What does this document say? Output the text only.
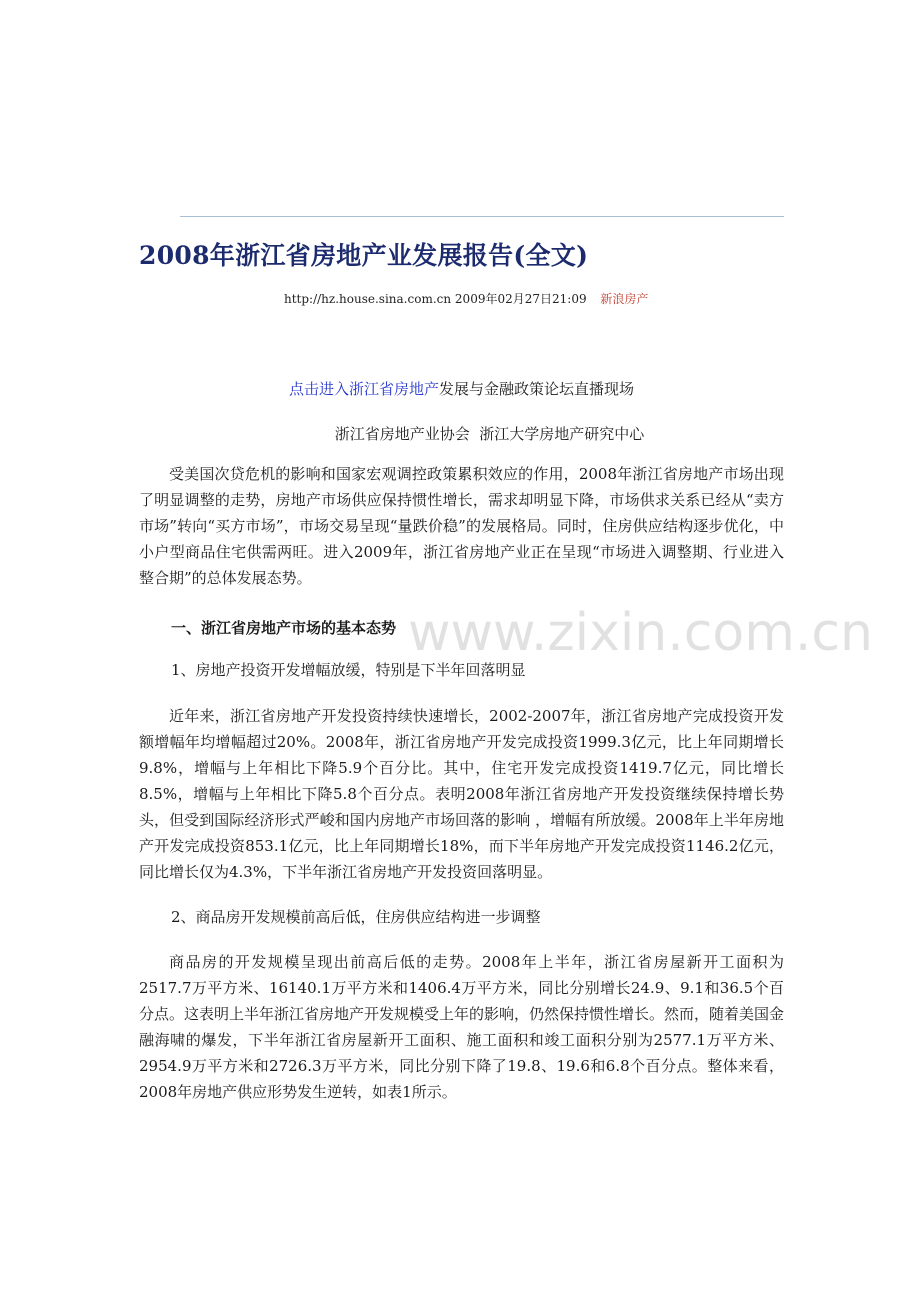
2008年浙江省房地产业发展报告(全文)
http://hz.house.sina.com.cn 2009年02月27日21:09 新浪房产
点击进入浙江省房地产发展与金融政策论坛直播现场
浙江省房地产业协会  浙江大学房地产研究中心

受美国次贷危机的影响和国家宏观调控政策累积效应的作用，2008年浙江省房地产市场出现了明显调整的走势，房地产市场供应保持惯性增长，需求却明显下降，市场供求关系已经从“卖方市场”转向“买方市场”，市场交易呈现“量跌价稳”的发展格局。同时，住房供应结构逐步优化，中小户型商品住宅供需两旺。进入2009年，浙江省房地产业正在呈现“市场进入调整期、行业进入整合期”的总体发展态势。

一、浙江省房地产市场的基本态势
1、房地产投资开发增幅放缓，特别是下半年回落明显

近年来，浙江省房地产开发投资持续快速增长，2002-2007年，浙江省房地产完成投资开发额增幅年均增幅超过20%。2008年，浙江省房地产开发完成投资1999.3亿元，比上年同期增长9.8%，增幅与上年相比下降5.9个百分比。其中，住宅开发完成投资1419.7亿元，同比增长8.5%，增幅与上年相比下降5.8个百分点。表明2008年浙江省房地产开发投资继续保持增长势头，但受到国际经济形式严峻和国内房地产市场回落的影响 ，增幅有所放缓。2008年上半年房地产开发完成投资853.1亿元，比上年同期增长18%，而下半年房地产开发完成投资1146.2亿元，同比增长仅为4.3%，下半年浙江省房地产开发投资回落明显。

2、商品房开发规模前高后低，住房供应结构进一步调整

商品房的开发规模呈现出前高后低的走势。2008年上半年，浙江省房屋新开工面积为2517.7万平方米、16140.1万平方米和1406.4万平方米，同比分别增长24.9、9.1和36.5个百分点。这表明上半年浙江省房地产开发规模受上年的影响，仍然保持惯性增长。然而，随着美国金融海啸的爆发，下半年浙江省房屋新开工面积、施工面积和竣工面积分别为2577.1万平方米、2954.9万平方米和2726.3万平方米，同比分别下降了19.8、19.6和6.8个百分点。整体来看，2008年房地产供应形势发生逆转，如表1所示。

www.zixin.com.cn
